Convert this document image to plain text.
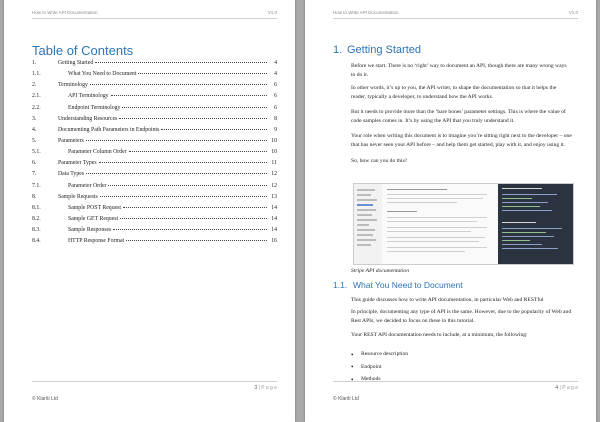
How to Write API Documentation	V1.0
Table of Contents
1.	Getting Started	4
1.1.	What You Need to Document	4
2.	Terminology	6
2.1.	API Terminology	6
2.2.	Endpoint Terminology	6
3.	Understanding Resources	8
4.	Documenting Path Parameters in Endpoints	9
5.	Parameters	10
5.1.	Parameter Column Order	10
6.	Parameter Types	11
7.	Data Types	12
7.1.	Parameter Order	12
8.	Sample Requests	13
8.1.	Sample POST Request	14
8.2.	Sample GET Request	14
8.3.	Sample Responses	14
8.4.	HTTP Response Format	16
3 | P a g e
© Klariti Ltd
How to Write API Documentation	V1.0
1. Getting Started
Before we start. There is no ‘right’ way to document an API, though there are many wrong ways to do it.
In other words, it’s up to you, the API writer, to shape the documentation so that it helps the reader, typically a developer, to understand how the API works.
But it needs to provide more than the ‘bare bones’ parameter settings. This is where the value of code samples comes in. It’s by using the API that you truly understand it.
Your role when writing this document is to imagine you’re sitting right next to the developer – one that has never seen your API before – and help them get started, play with it, and enjoy using it.
So, how can you do this?
Stripe API documentation
1.1. What You Need to Document
This guide discusses how to write API documentation, in particular Web and RESTful
In principle, documenting any type of API is the same. However, due to the popularity of Web and Rest APIs, we decided to focus on these in this tutorial.
Your REST API documentation needs to include, at a minimum, the following:
• Resource description
• Endpoint
• Methods
4 | P a g e
© Klariti Ltd
